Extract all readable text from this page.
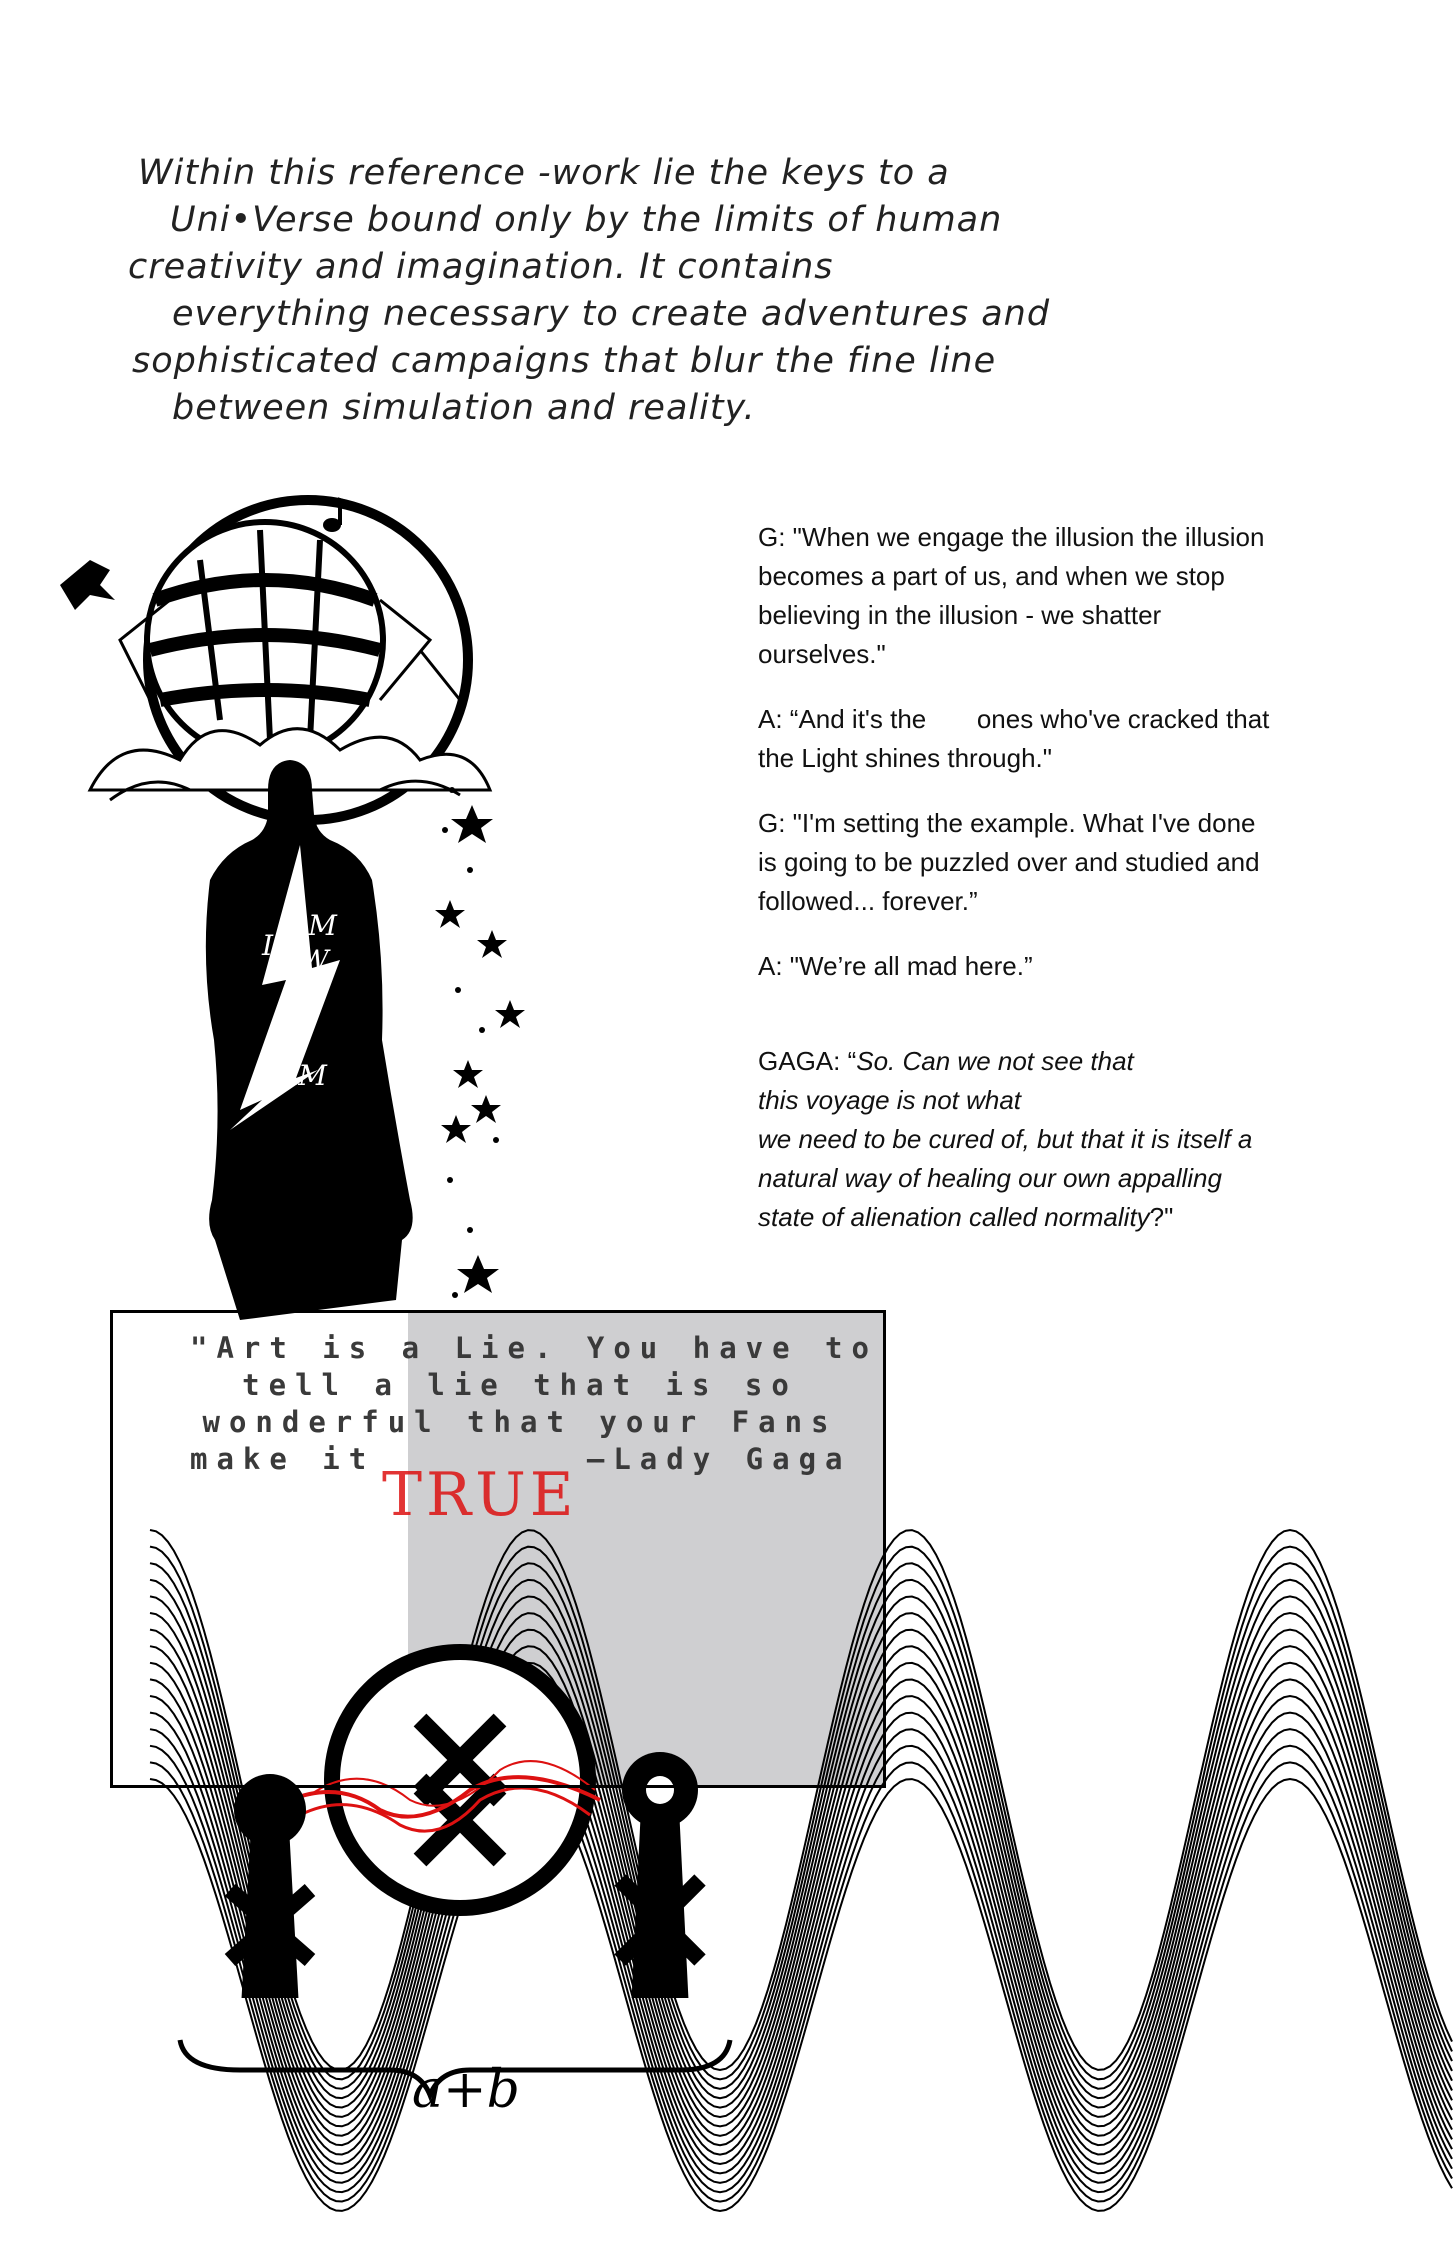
Within this reference -work lie the keys to a
Uni•Verse bound only by the limits of human
creativity and imagination. It contains
everything necessary to create adventures and
sophisticated campaigns that blur the fine line
between simulation and reality.

G: "When we engage the illusion the illusion
becomes a part of us, and when we stop
believing in the illusion - we shatter
ourselves."

A: “And it's the       ones who've cracked that
the Light shines through."

G: "I'm setting the example. What I've done
is going to be puzzled over and studied and
followed... forever.”

A: "We’re all mad here.”

GAGA: “So. Can we not see that
this voyage is not what
we need to be cured of, but that it is itself a
natural way of healing our own appalling
state of alienation called normality?"

I
AM
W
H
A
T
I AM
"Art is a Lie. You have to
tell a lie that is so
wonderful that your Fans
make it        —Lady Gaga
TRUE
a+b
